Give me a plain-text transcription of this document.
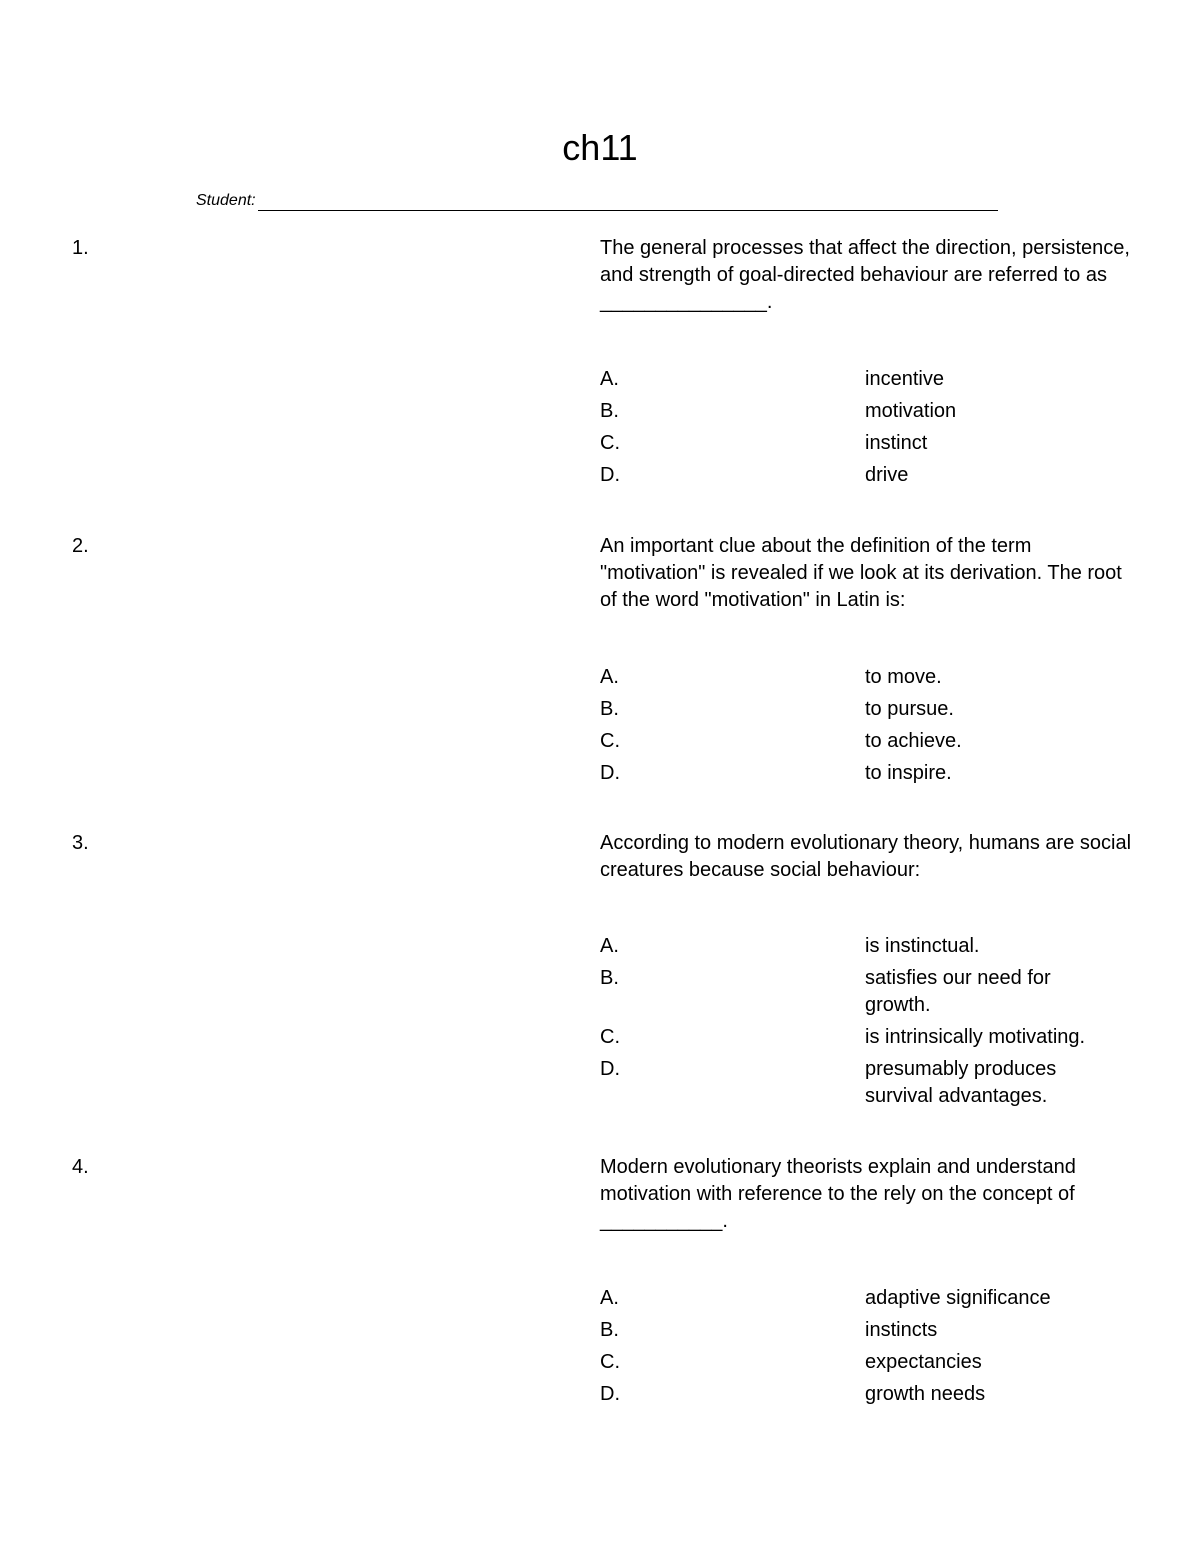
ch11
Student:
1.	The general processes that affect the direction, persistence, and strength of goal-directed behaviour are referred to as _______________.
A.	incentive
B.	motivation
C.	instinct
D.	drive
2.	An important clue about the definition of the term "motivation" is revealed if we look at its derivation. The root of the word "motivation" in Latin is:
A.	to move.
B.	to pursue.
C.	to achieve.
D.	to inspire.
3.	According to modern evolutionary theory, humans are social creatures because social behaviour:
A.	is instinctual.
B.	satisfies our need for growth.
C.	is intrinsically motivating.
D.	presumably produces survival advantages.
4.	Modern evolutionary theorists explain and understand motivation with reference to the rely on the concept of ___________.
A.	adaptive significance
B.	instincts
C.	expectancies
D.	growth needs
